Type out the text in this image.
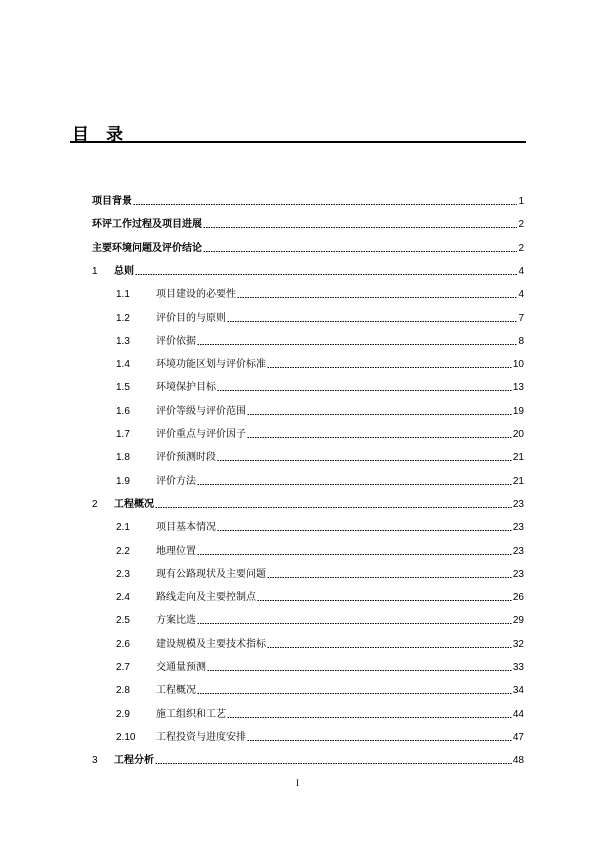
目　录
项目背景	1
环评工作过程及项目进展	2
主要环境问题及评价结论	2
1	总则	4
1.1	项目建设的必要性	4
1.2	评价目的与原则	7
1.3	评价依据	8
1.4	环境功能区划与评价标准	10
1.5	环境保护目标	13
1.6	评价等级与评价范围	19
1.7	评价重点与评价因子	20
1.8	评价预测时段	21
1.9	评价方法	21
2	工程概况	23
2.1	项目基本情况	23
2.2	地理位置	23
2.3	现有公路现状及主要问题	23
2.4	路线走向及主要控制点	26
2.5	方案比选	29
2.6	建设规模及主要技术指标	32
2.7	交通量预测	33
2.8	工程概况	34
2.9	施工组织和工艺	44
2.10	工程投资与进度安排	47
3	工程分析	48
I
